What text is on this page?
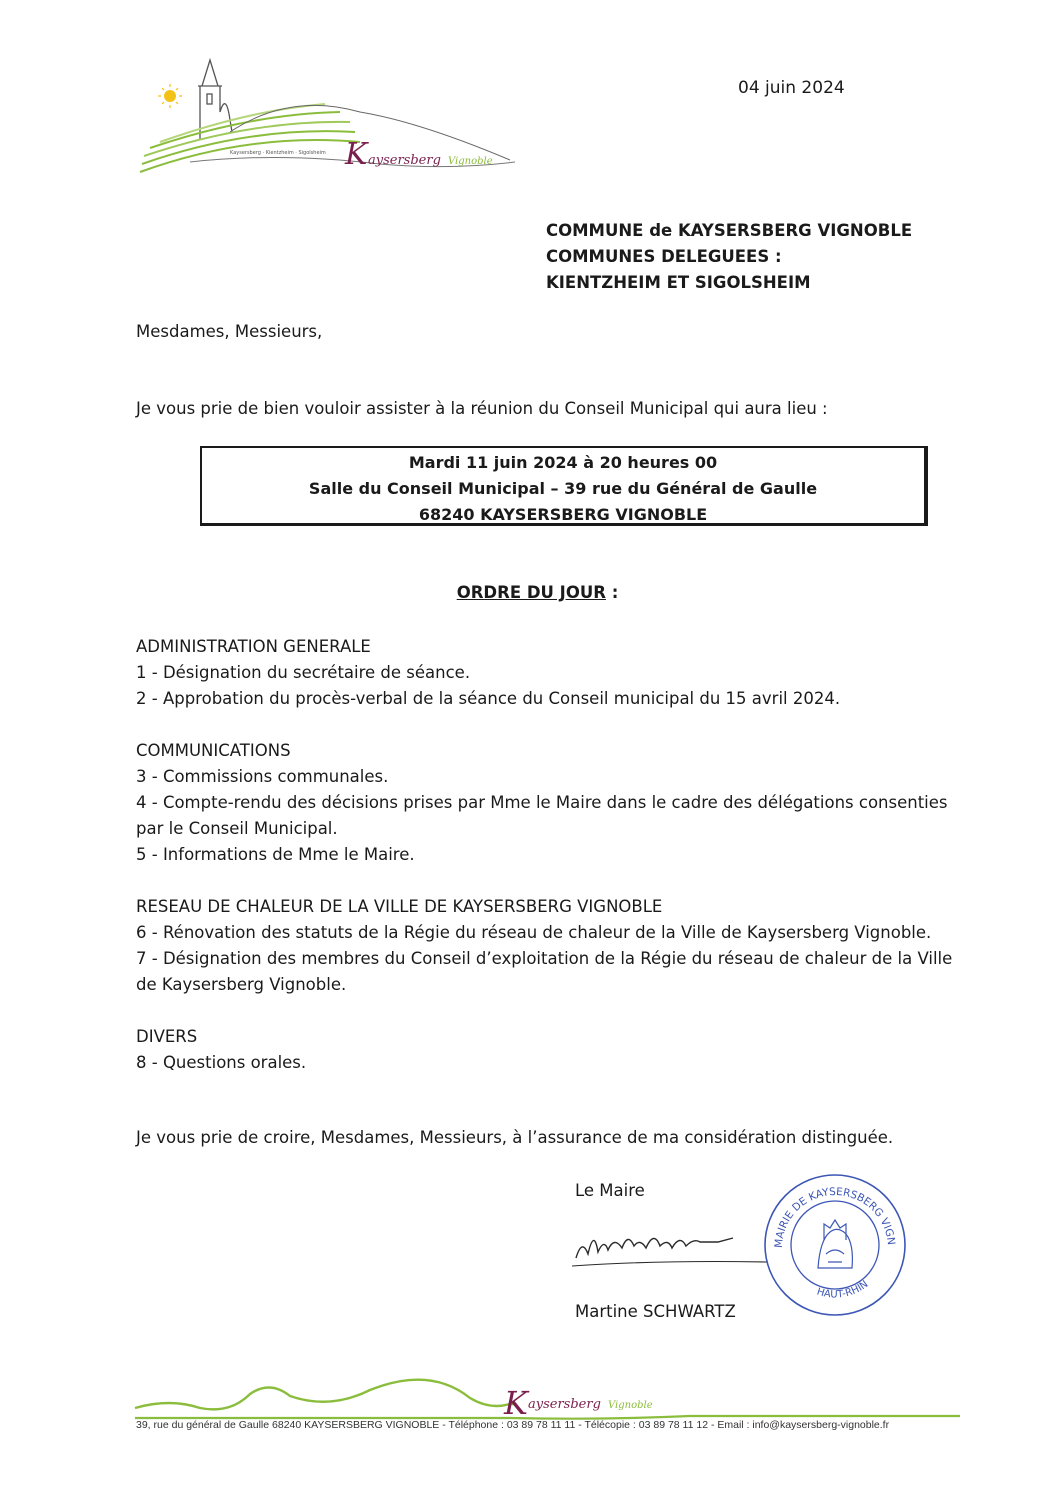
Kaysersberg · Kientzheim · Sigolsheim K aysersberg Vignoble
04 juin 2024
COMMUNE de KAYSERSBERG VIGNOBLE
COMMUNES DELEGUEES :
KIENTZHEIM ET SIGOLSHEIM
Mesdames, Messieurs,
Je vous prie de bien vouloir assister à la réunion du Conseil Municipal qui aura lieu :
Mardi 11 juin 2024 à 20 heures 00
Salle du Conseil Municipal – 39 rue du Général de Gaulle
68240 KAYSERSBERG VIGNOBLE
ORDRE DU JOUR :
ADMINISTRATION GENERALE
1 - Désignation du secrétaire de séance.
2 - Approbation du procès-verbal de la séance du Conseil municipal du 15 avril 2024.
COMMUNICATIONS
3 - Commissions communales.
4 - Compte-rendu des décisions prises par Mme le Maire dans le cadre des délégations consenties par le Conseil Municipal.
5 - Informations de Mme le Maire.
RESEAU DE CHALEUR DE LA VILLE DE KAYSERSBERG VIGNOBLE
6 - Rénovation des statuts de la Régie du réseau de chaleur de la Ville de Kaysersberg Vignoble.
7 - Désignation des membres du Conseil d’exploitation de la Régie du réseau de chaleur de la Ville de Kaysersberg Vignoble.
DIVERS
8 - Questions orales.
Je vous prie de croire, Mesdames, Messieurs, à l’assurance de ma considération distinguée.
Le Maire
MAIRIE DE KAYSERSBERG VIGN
HAUT-RHIN
Martine SCHWARTZ
K aysersberg Vignoble
39, rue du général de Gaulle 68240 KAYSERSBERG VIGNOBLE - Téléphone : 03 89 78 11 11 - Télécopie : 03 89 78 11 12 - Email : info@kaysersberg-vignoble.fr
